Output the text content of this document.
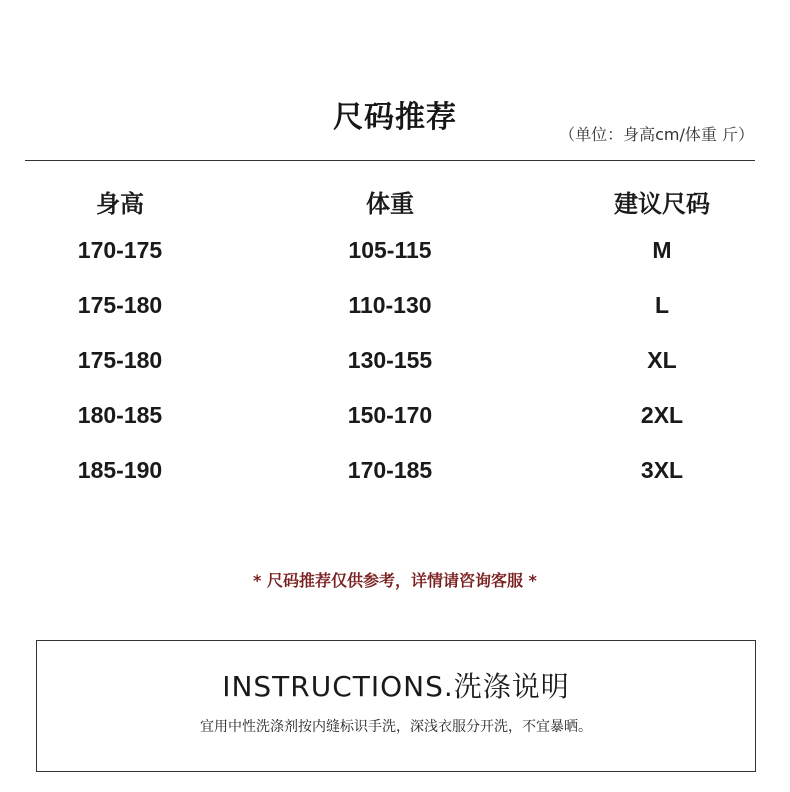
尺码推荐	（单位：身高cm/体重 斤）
身高	体重	建议尺码
170-175	105-115	M
175-180	110-130	L
175-180	130-155	XL
180-185	150-170	2XL
185-190	170-185	3XL
* 尺码推荐仅供参考，详情请咨询客服 *
INSTRUCTIONS.洗涤说明
宜用中性洗涤剂按内缝标识手洗，深浅衣服分开洗，不宜暴晒。
